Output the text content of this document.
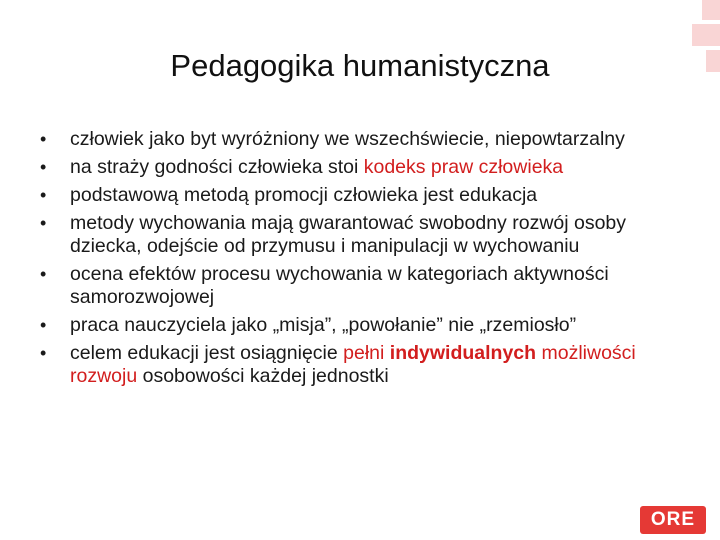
Pedagogika humanistyczna
• człowiek jako byt wyróżniony we wszechświecie, niepowtarzalny
• na straży godności człowieka stoi kodeks praw człowieka
• podstawową metodą promocji człowieka jest edukacja
• metody wychowania mają gwarantować swobodny rozwój osoby dziecka, odejście od przymusu i manipulacji w wychowaniu
• ocena efektów procesu wychowania w kategoriach aktywności samorozwojowej
• praca nauczyciela jako „misja”, „powołanie” nie „rzemiosło”
• celem edukacji jest osiągnięcie pełni indywidualnych możliwości rozwoju osobowości każdej jednostki
ORE
